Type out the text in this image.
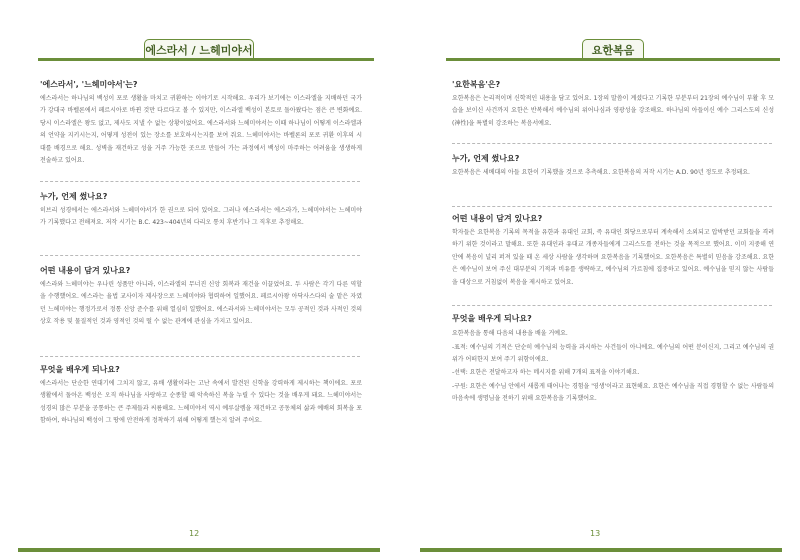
에스라서 / 느헤미야서
'에스라서', '느헤미야서'는?
에스라서는 하나님의 백성이 포로 생활을 마치고 귀환하는 이야기로 시작해요. 우리가 보기에는 이스라엘을 지배하던 국가가 강대국 바벨론에서 페르시아로 바뀐 것만 다르다고 볼 수 있지만, 이스라엘 백성이 본토로 돌아왔다는 점은 큰 변화예요. 당시 이스라엘은 왕도 없고, 제사도 지낼 수 없는 상황이었어요. 에스라서와 느헤미야서는 이때 하나님이 어떻게 이스라엘과의 언약을 지키시는지, 어떻게 성전이 있는 장소를 보호하시는지를 보여 줘요. 느헤미야서는 바벨론의 포로 귀환 이후의 시대를 배경으로 해요. 성벽을 재건하고 성을 거주 가능한 곳으로 만들어 가는 과정에서 백성이 마주하는 어려움을 생생하게 전술하고 있어요.
누가, 언제 썼나요?
히브리 성경에서는 에스라서와 느헤미야서가 한 권으로 되어 있어요. 그러나 에스라서는 에스라가, 느헤미야서는 느헤미야가 기록했다고 전해져요. 저작 시기는 B.C. 423~404년의 다리오 통치 후반기나 그 직후로 추정해요.
어떤 내용이 담겨 있나요?
에스라와 느헤미야는 우나린 성품만 아니라, 이스라엘의 무너진 신앙 회복과 재건을 이끌었어요. 두 사람은 각기 다른 역할을 수행했어요. 에스라는 율법 교사이자 제사장으로 느헤미야와 협력하여 일했어요. 페르시아왕 아닥사스다의 술 맡은 자였던 느헤미야는 행정가로서 정통 신앙 준수를 위해 열심히 일했어요. 에스라서와 느헤미야서는 모두 공적인 것과 사적인 것의 상호 작용 및 물질적인 것과 영적인 것의 떨 수 없는 관계에 관심을 가지고 있어요.
무엇을 배우게 되나요?
에스라서는 단순한 연대기에 그치지 않고, 유배 생활이라는 고난 속에서 발견된 신학을 강력하게 제시하는 책이에요. 포로 생활에서 돌아온 백성은 오직 하나님을 사랑하고 순종할 때 악속하신 복을 누릴 수 있다는 것을 배우게 돼요. 느헤미야서는 성경의 많은 부분을 공통하는 큰 주제들과 씨름해요. 느헤미야서 역시 예루살렘을 재건하고 공동체의 삶과 예배의 회복을 포함하여, 하나님의 백성이 그 땅에 안전하게 정착하기 위해 어떻게 했는지 알려 주어요.
12
요한복음
'요한복음'은?
요한복음은 논리적이며 신학적인 내용을 담고 있어요. 1장의 말씀이 계셨다고 기록한 부분부터 21장의 예수님이 부활 후 모습을 보이신 사건까지 요한은 반복해서 예수님의 위어나심과 영광성을 강조해요. 하나님의 아들이신 예수 그리스도의 신성(神性)을 특별히 강조하는 복음서예요.
누가, 언제 썼나요?
요한복음은 세베대의 아들 요한이 기록했을 것으로 추측해요. 요한복음의 저작 시기는 A.D. 90년 정도로 추정돼요.
어떤 내용이 담겨 있나요?
학자들은 요한복음 기록의 목적을 유한과 유대인 교회, 즉 유대인 회당으로부터 계속해서 소외되고 압박받던 교회들을 격려하기 위한 것이라고 말해요. 또한 유대인과 유대교 개종자들에게 그리스도를 전하는 것을 목적으로 했어요. 이미 지중해 연안에 복음이 널리 퍼져 있을 때 온 세상 사람을 생각하며 요한복음을 기록했어요. 요한복음은 특별히 믿음을 강조해요. 요한은 예수님이 보여 주신 대부분의 기적과 비유를 생략하고, 예수님의 가르침에 집중하고 있어요. 예수님을 믿지 않는 사람들을 대상으로 거침없이 복음을 제시하고 있어요.
무엇을 배우게 되나요?
요한복음을 통해 다음의 내용을 배울 거예요.
-표적: 예수님의 기적은 단순히 예수님의 능력을 과시하는 사건들이 아니에요. 예수님의 어떤 분이신지, 그리고 예수님의 권위가 어떠한지 보여 주기 위함이에요.
-선택: 요한은 전달하고자 하는 메시지를 위해 7개의 표적을 이야기해요.
-구원: 요한은 예수님 안에서 새롭게 태어나는 경험을 '영생'이라고 표현해요. 요한은 예수님을 직접 경험할 수 없는 사람들의 마음속에 생명님을 전하기 위해 요한복음을 기록했어요.
13
